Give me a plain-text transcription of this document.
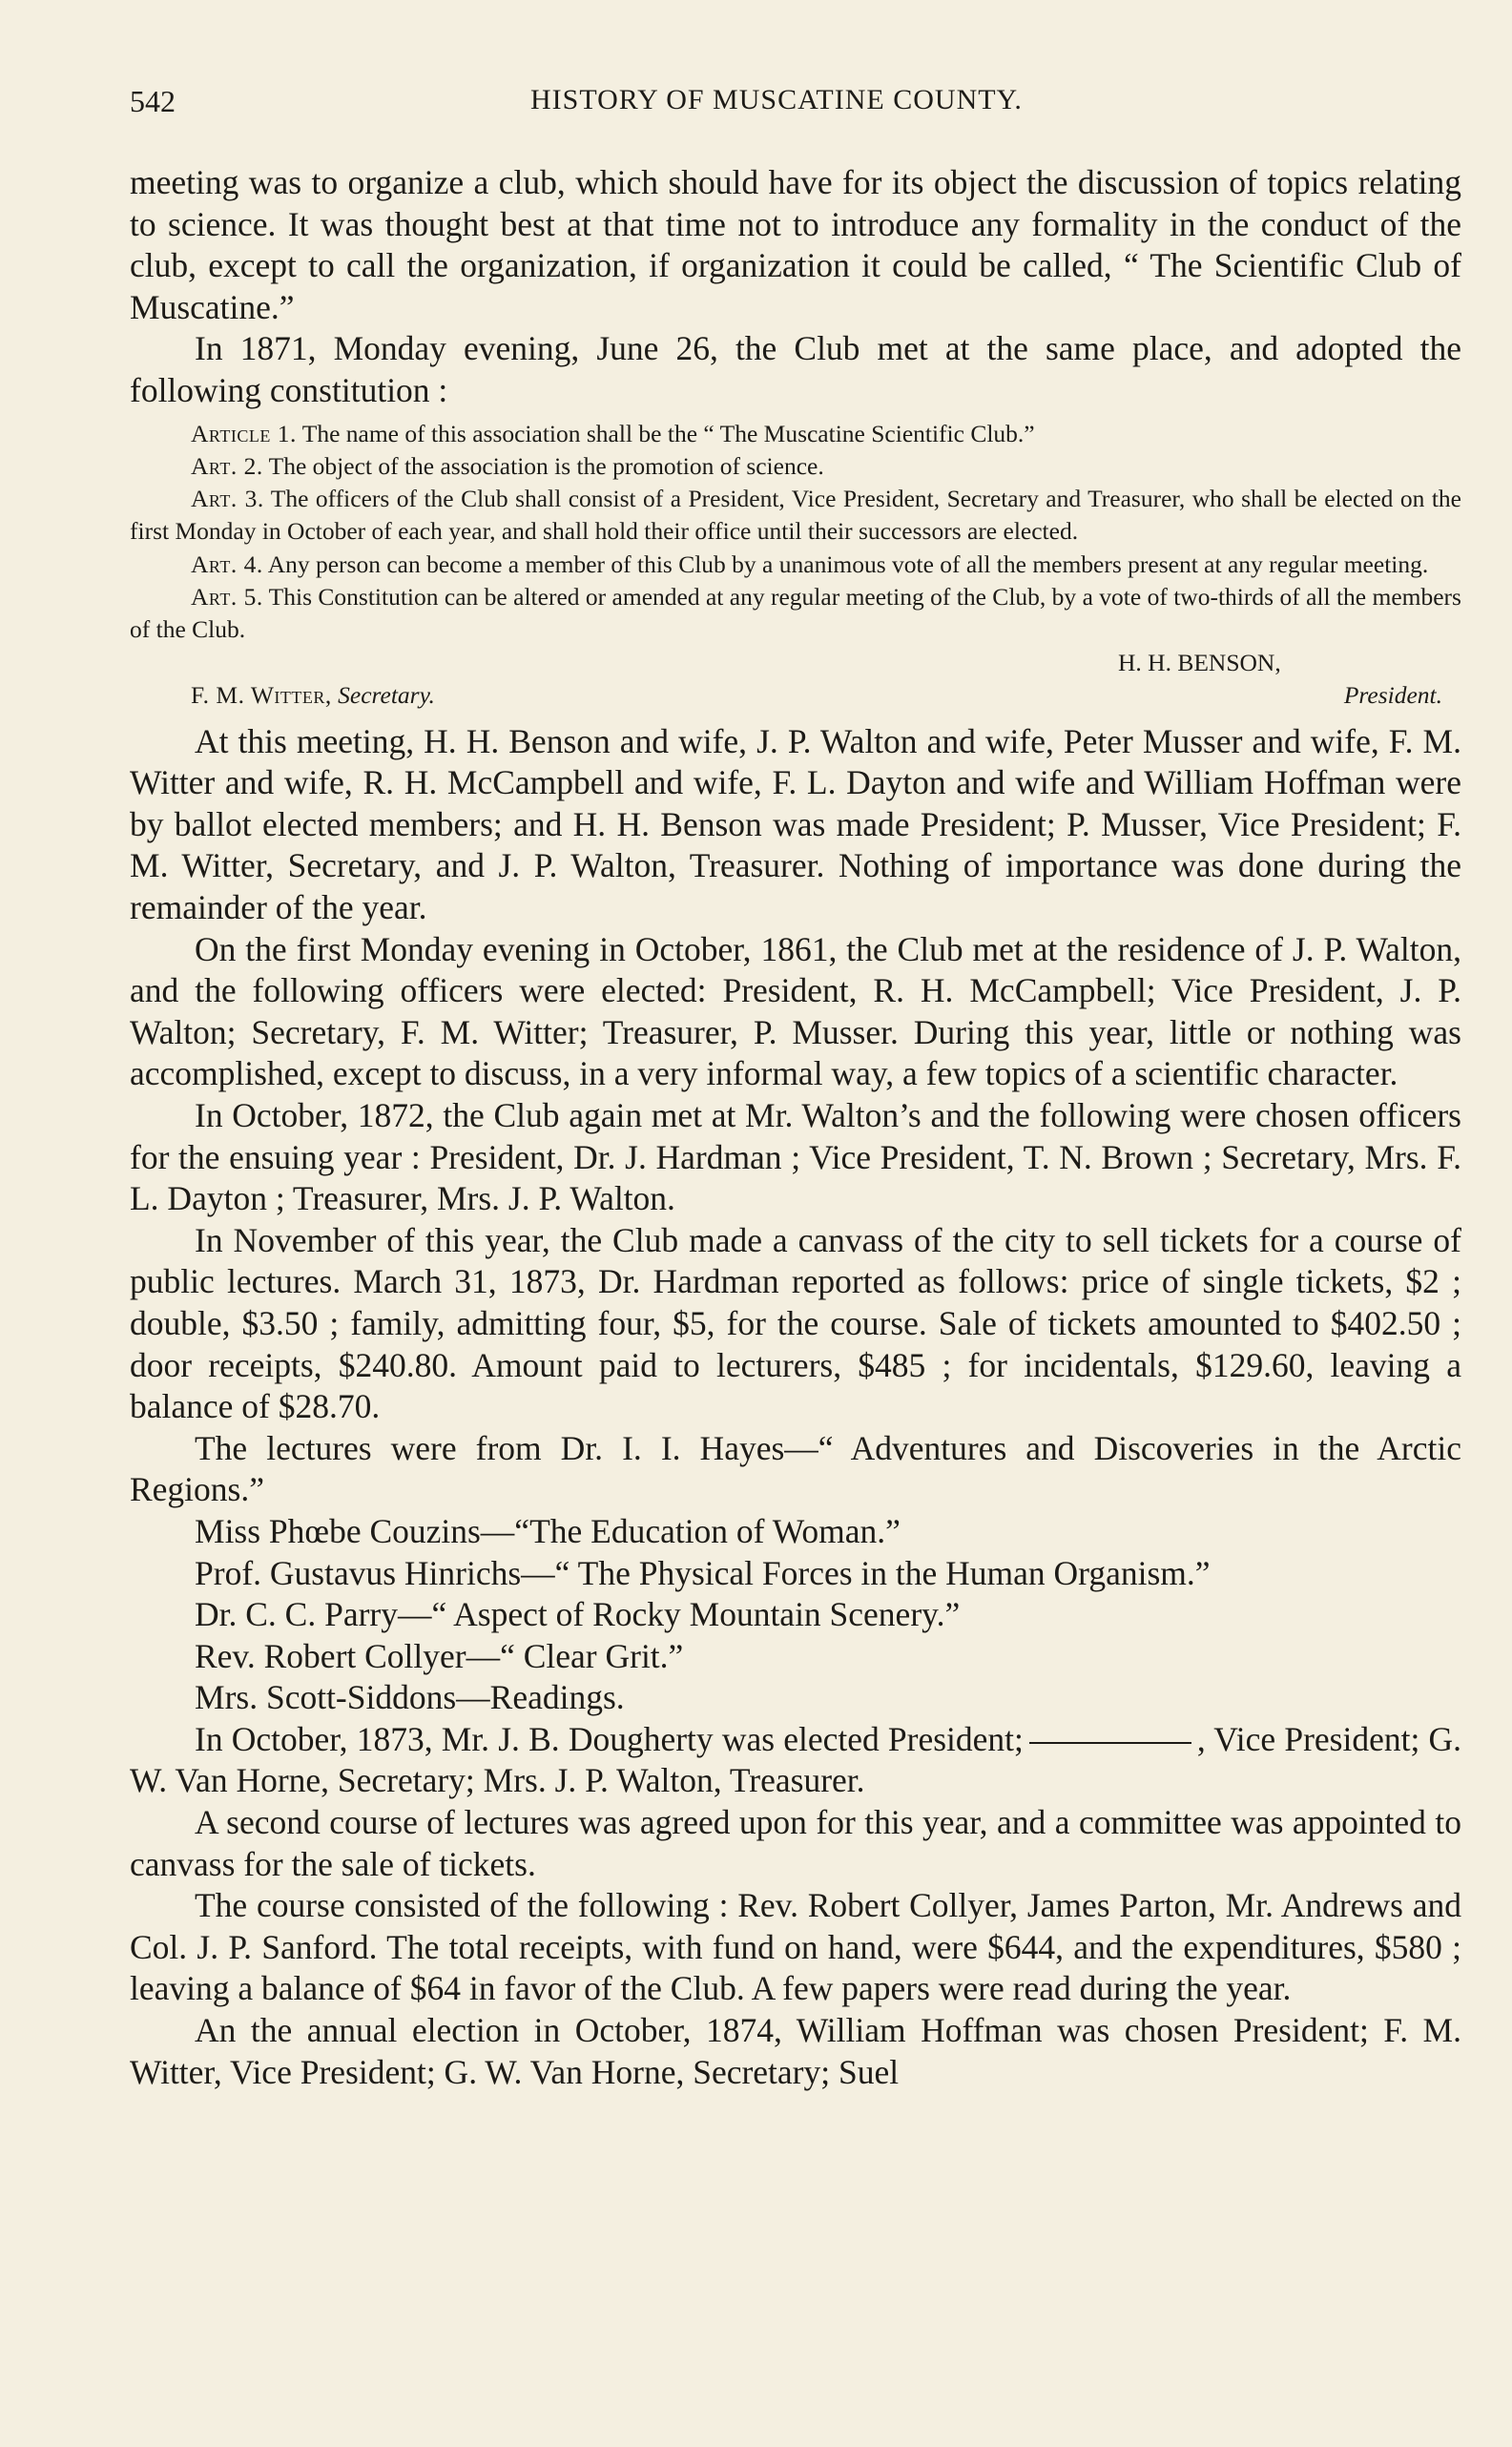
542	HISTORY OF MUSCATINE COUNTY.

meeting was to organize a club, which should have for its object the discussion of topics relating to science. It was thought best at that time not to introduce any formality in the conduct of the club, except to call the organization, if organization it could be called, “ The Scientific Club of Muscatine.”

In 1871, Monday evening, June 26, the Club met at the same place, and adopted the following constitution :

Article 1. The name of this association shall be the “ The Muscatine Scientific Club.”

Art. 2. The object of the association is the promotion of science.

Art. 3. The officers of the Club shall consist of a President, Vice President, Secretary and Treasurer, who shall be elected on the first Monday in October of each year, and shall hold their office until their successors are elected.

Art. 4. Any person can become a member of this Club by a unanimous vote of all the members present at any regular meeting.

Art. 5. This Constitution can be altered or amended at any regular meeting of the Club, by a vote of two-thirds of all the members of the Club.

H. H. BENSON,
F. M. Witter, Secretary.	President.

At this meeting, H. H. Benson and wife, J. P. Walton and wife, Peter Musser and wife, F. M. Witter and wife, R. H. McCampbell and wife, F. L. Dayton and wife and William Hoffman were by ballot elected members; and H. H. Benson was made President; P. Musser, Vice President; F. M. Witter, Secretary, and J. P. Walton, Treasurer. Nothing of importance was done during the remainder of the year.

On the first Monday evening in October, 1861, the Club met at the residence of J. P. Walton, and the following officers were elected: President, R. H. McCampbell; Vice President, J. P. Walton; Secretary, F. M. Witter; Treasurer, P. Musser. During this year, little or nothing was accomplished, except to discuss, in a very informal way, a few topics of a scientific character.

In October, 1872, the Club again met at Mr. Walton’s and the following were chosen officers for the ensuing year : President, Dr. J. Hardman ; Vice President, T. N. Brown ; Secretary, Mrs. F. L. Dayton ; Treasurer, Mrs. J. P. Walton.

In November of this year, the Club made a canvass of the city to sell tickets for a course of public lectures. March 31, 1873, Dr. Hardman reported as follows: price of single tickets, $2 ; double, $3.50 ; family, admitting four, $5, for the course. Sale of tickets amounted to $402.50 ; door receipts, $240.80. Amount paid to lecturers, $485 ; for incidentals, $129.60, leaving a balance of $28.70.

The lectures were from Dr. I. I. Hayes—“ Adventures and Discoveries in the Arctic Regions.”

Miss Phœbe Couzins—“The Education of Woman.”

Prof. Gustavus Hinrichs—“ The Physical Forces in the Human Organism.”

Dr. C. C. Parry—“ Aspect of Rocky Mountain Scenery.”

Rev. Robert Collyer—“ Clear Grit.”

Mrs. Scott-Siddons—Readings.

In October, 1873, Mr. J. B. Dougherty was elected President;	, Vice President; G. W. Van Horne, Secretary; Mrs. J. P. Walton, Treasurer.

A second course of lectures was agreed upon for this year, and a committee was appointed to canvass for the sale of tickets.

The course consisted of the following : Rev. Robert Collyer, James Parton, Mr. Andrews and Col. J. P. Sanford. The total receipts, with fund on hand, were $644, and the expenditures, $580 ; leaving a balance of $64 in favor of the Club. A few papers were read during the year.

An the annual election in October, 1874, William Hoffman was chosen President; F. M. Witter, Vice President; G. W. Van Horne, Secretary; Suel
